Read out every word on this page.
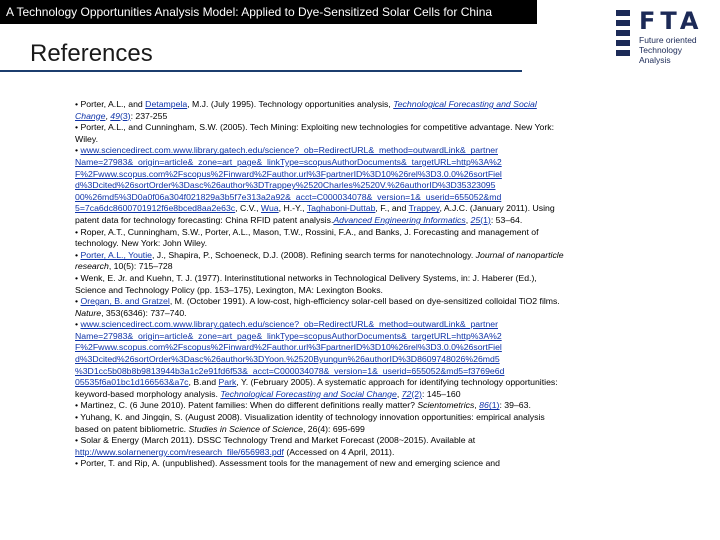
A Technology Opportunities Analysis Model: Applied to Dye-Sensitized Solar Cells for China	FTA
Future oriented
Technology
Analysis
References

• Porter, A.L., and Detampela, M.J. (July 1995). Technology opportunities analysis, Technological Forecasting and Social Change, 49(3): 237-255

• Porter, A.L., and Cunningham, S.W. (2005). Tech Mining: Exploiting new technologies for competitive advantage. New York: Wiley.

• www.sciencedirect.com.www.library.gatech.edu/science?_ob=RedirectURL&_method=outwardLink&_partner Name=27983&_origin=article&_zone=art_page&_linkType=scopusAuthorDocuments&_targetURL=http%3A%2 F%2Fwww.scopus.com%2Fscopus%2Finward%2Fauthor.url%3FpartnerID%3D10%26rel%3D3.0.0%26sortFiel d%3Dcited%26sortOrder%3Dasc%26author%3DTrappey%2520Charles%2520V.%26authorID%3D35323095 00%26md5%3D0a0f06a304f021829a3b5f7e313a2a92&_acct=C000034078&_version=1&_userid=655052&md 5=7ca6dc8600701912f6e8bced8aa2e63c, C.V., Wua, H.-Y., Taghaboni-Duttab, F., and Trappey, A.J.C. (January 2011). Using patent data for technology forecasting: China RFID patent analysis.Advanced Engineering Informatics, 25(1): 53–64.

• Roper, A.T., Cunningham, S.W., Porter, A.L., Mason, T.W., Rossini, F.A., and Banks, J. Forecasting and management of technology. New York: John Wiley.

• Porter, A.L., Youtie, J., Shapira, P., Schoeneck, D.J. (2008). Refining search terms for nanotechnology. Journal of nanoparticle research, 10(5): 715–728

• Wenk, E. Jr. and Kuehn, T. J. (1977). Interinstitutional networks in Technological Delivery Systems, in: J. Haberer (Ed.), Science and Technology Policy (pp. 153–175), Lexington, MA: Lexington Books.

• Oregan, B. and Gratzel, M. (October 1991). A low-cost, high-efficiency solar-cell based on dye-sensitized colloidal TiO2 films. Nature, 353(6346): 737–740.

• www.sciencedirect.com.www.library.gatech.edu/science?_ob=RedirectURL&_method=outwardLink&_partner Name=27983&_origin=article&_zone=art_page&_linkType=scopusAuthorDocuments&_targetURL=http%3A%2 F%2Fwww.scopus.com%2Fscopus%2Finward%2Fauthor.url%3FpartnerID%3D10%26rel%3D3.0.0%26sortFiel d%3Dcited%26sortOrder%3Dasc%26author%3DYoon.%2520Byungun%26authorID%3D8609748026%26md5 %3D1cc5b08b8b9813944b3a1c2e91fd6f53&_acct=C000034078&_version=1&_userid=655052&md5=f3769e6d 05535f6a01bc1d166563&a7c, B.and Park, Y. (February 2005). A systematic approach for identifying technology opportunities: keyword-based morphology analysis. Technological Forecasting and Social Change, 72(2): 145–160

• Martinez, C. (6 June 2010). Patent families: When do different definitions really matter? Scientometrics, 86(1): 39–63.

• Yuhang, K. and Jingqin, S. (August 2008). Visualization identity of technology innovation opportunities: empirical analysis based on patent bibliometric. Studies in Science of Science, 26(4): 695-699

• Solar & Energy (March 2011). DSSC Technology Trend and Market Forecast (2008~2015). Available at http://www.solarnenergy.com/research_file/656983.pdf (Accessed on 4 April, 2011).

• Porter, T. and Rip, A. (unpublished). Assessment tools for the management of new and emerging science and
